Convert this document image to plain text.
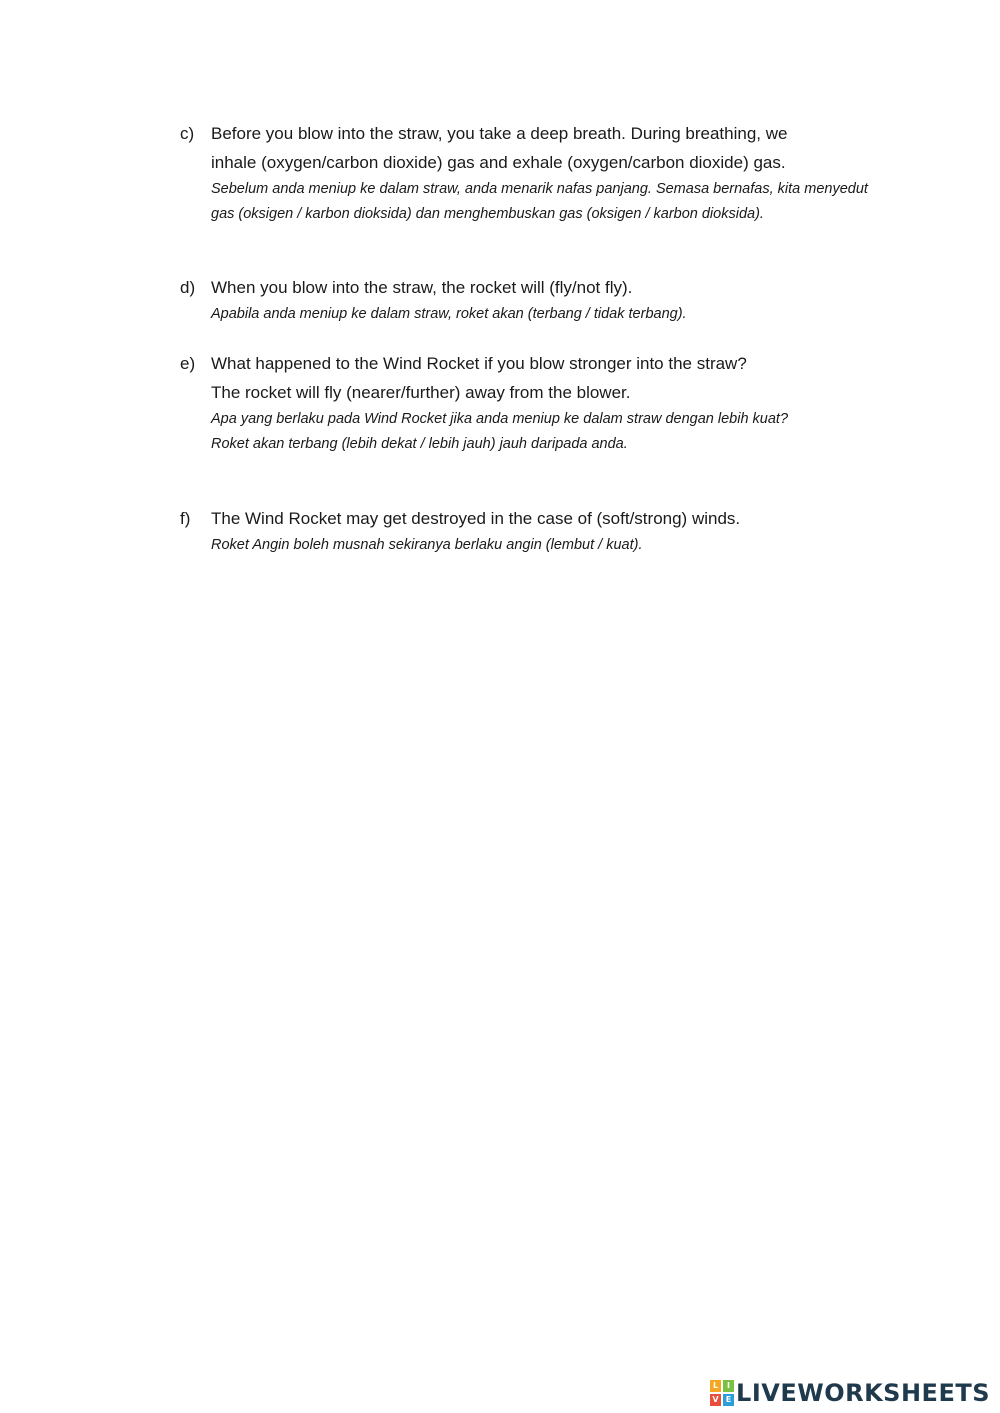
c) Before you blow into the straw, you take a deep breath. During breathing, we

inhale (oxygen/carbon dioxide) gas and exhale (oxygen/carbon dioxide) gas.

Sebelum anda meniup ke dalam straw, anda menarik nafas panjang. Semasa bernafas, kita menyedut gas (oksigen / karbon dioksida) dan menghembuskan gas (oksigen / karbon dioksida).

d) When you blow into the straw, the rocket will (fly/not fly).

Apabila anda meniup ke dalam straw, roket akan (terbang / tidak terbang).

e) What happened to the Wind Rocket if you blow stronger into the straw?

The rocket will fly (nearer/further) away from the blower.

Apa yang berlaku pada Wind Rocket jika anda meniup ke dalam straw dengan lebih kuat?

Roket akan terbang (lebih dekat / lebih jauh) jauh daripada anda.

f) The Wind Rocket may get destroyed in the case of (soft/strong) winds.

Roket Angin boleh musnah sekiranya berlaku angin (lembut / kuat).

L	I
V E LIVEWORKSHEETS
